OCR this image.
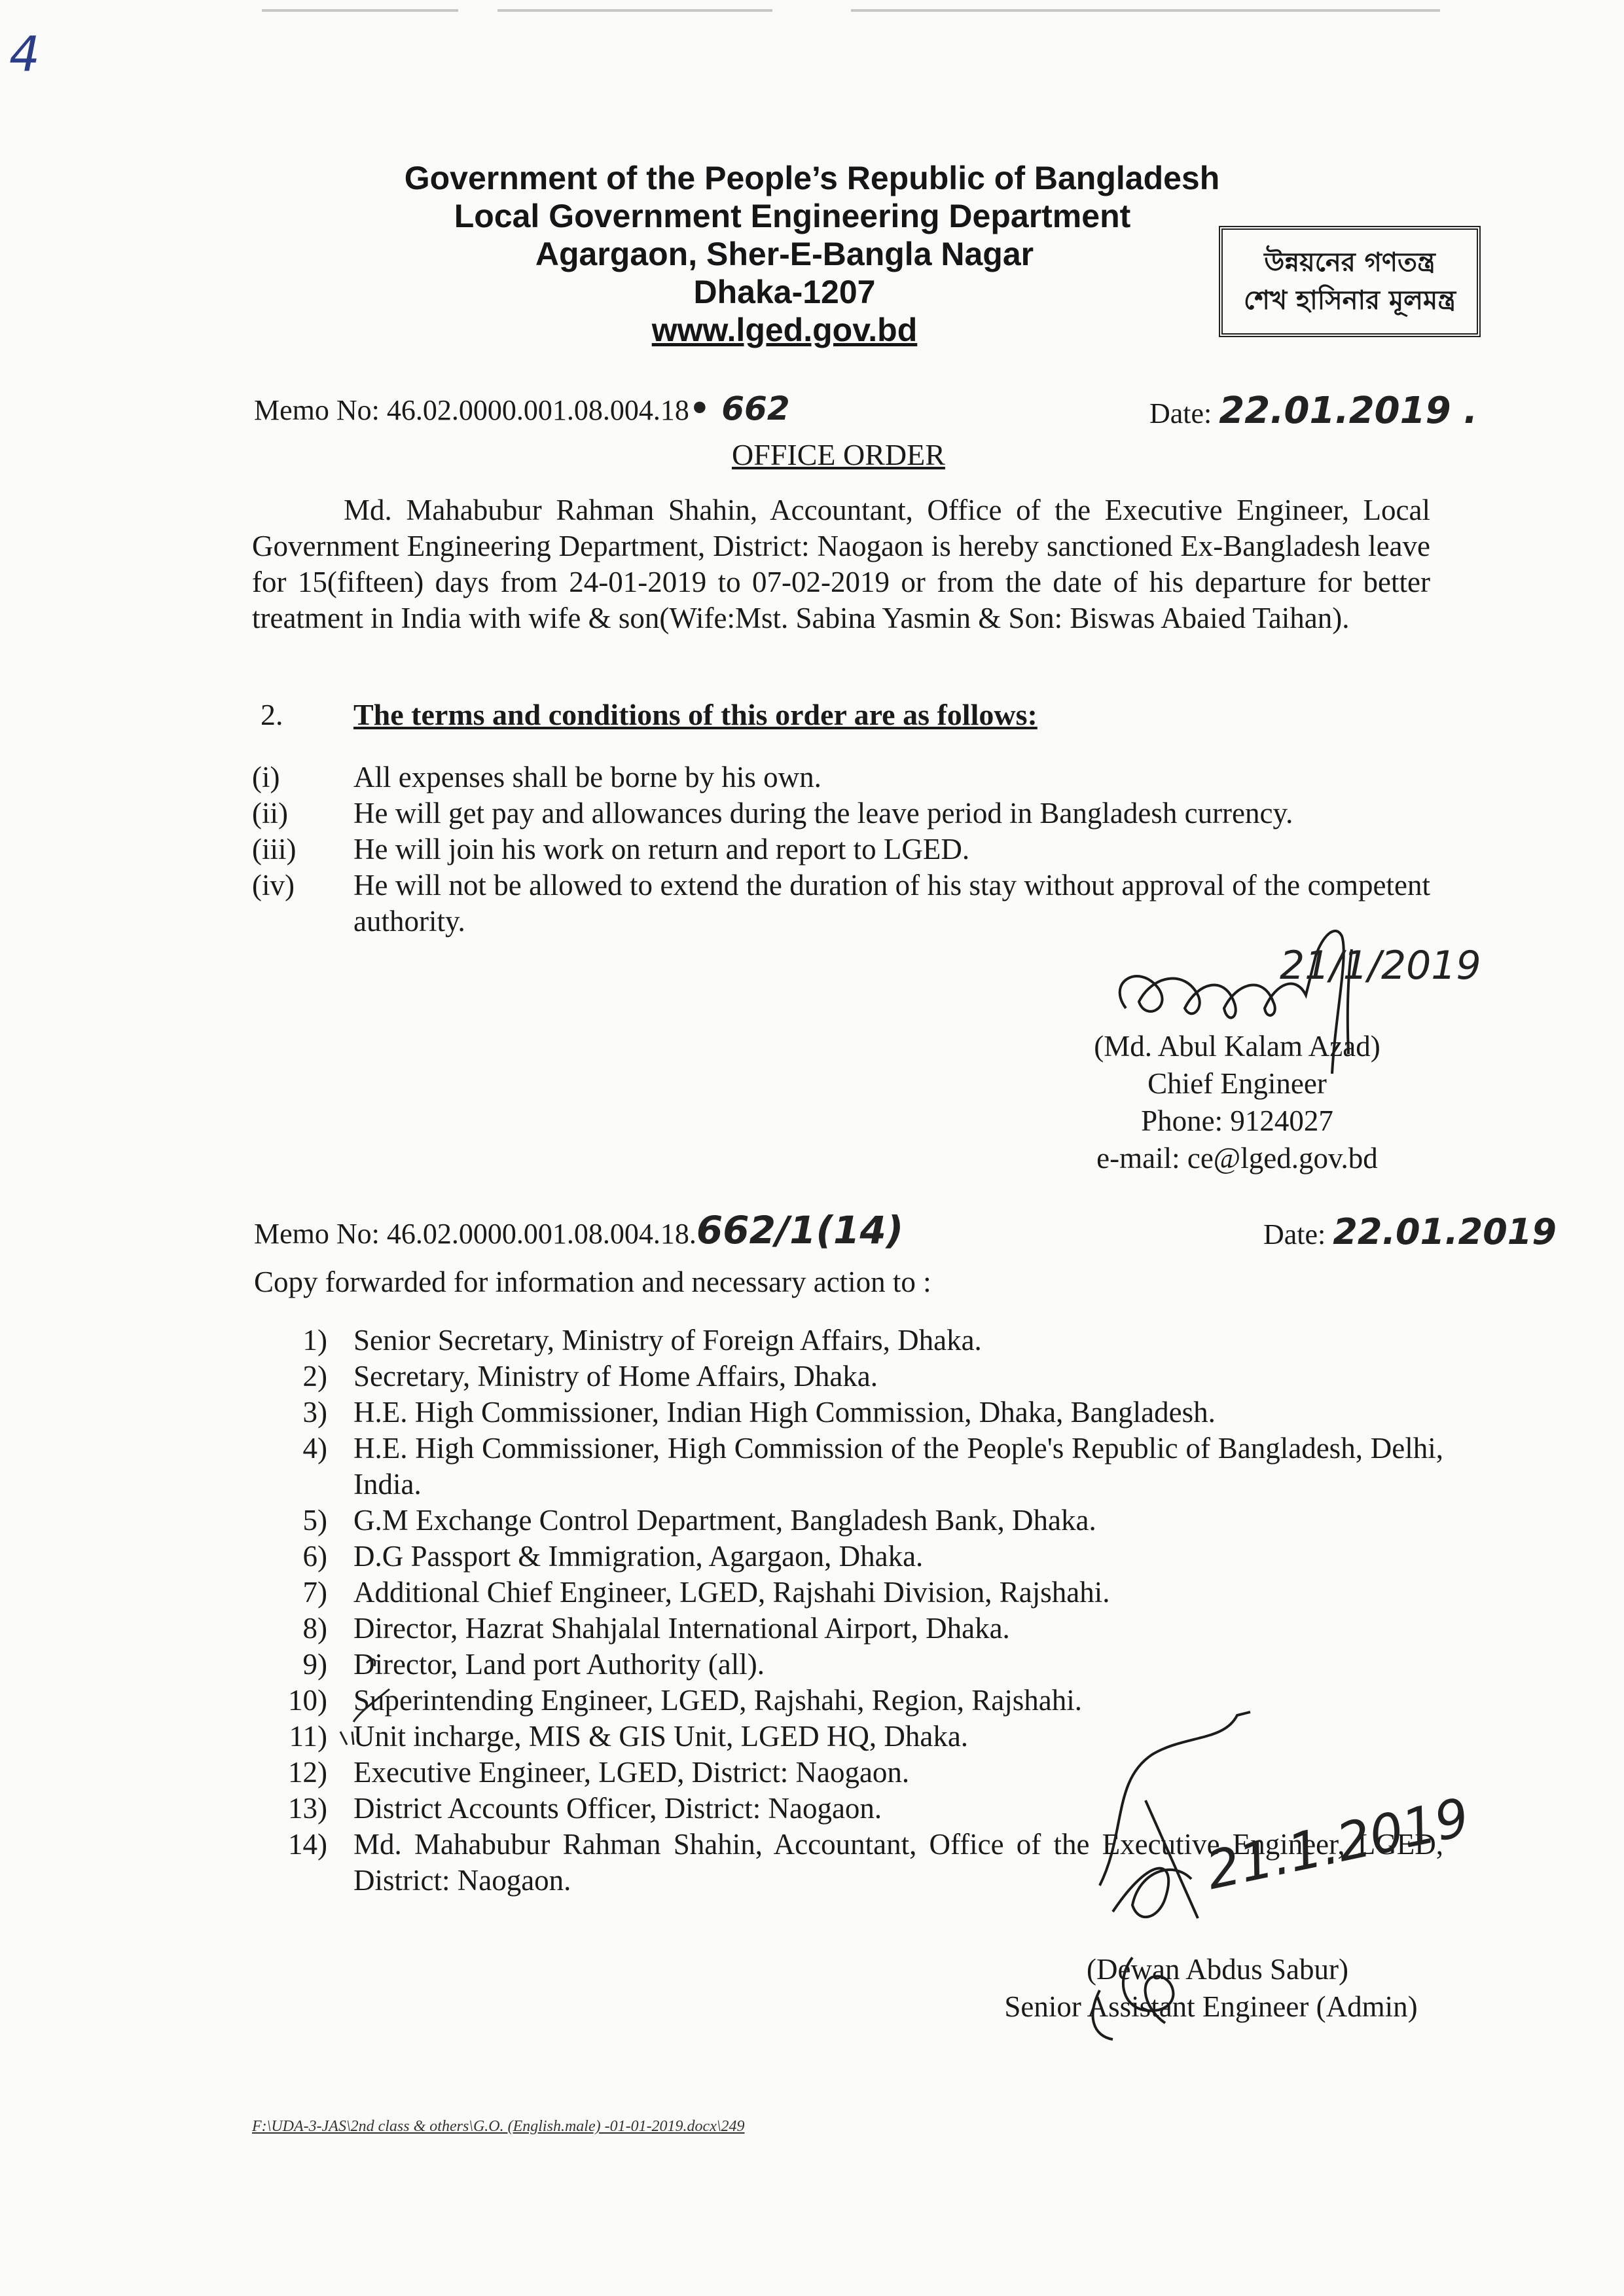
4
Government of the People’s Republic of Bangladesh
Local Government Engineering Department
Agargaon, Sher-E-Bangla Nagar
Dhaka-1207
www.lged.gov.bd
উন্নয়নের গণতন্ত্র
শেখ হাসিনার মূলমন্ত্র
Memo No: 46.02.0000.001.08.004.18• 662	Date: 22.01.2019 .
OFFICE ORDER
Md. Mahabubur Rahman Shahin, Accountant, Office of the Executive Engineer, Local Government Engineering Department, District: Naogaon is hereby sanctioned Ex-Bangladesh leave for 15(fifteen) days from 24-01-2019 to 07-02-2019 or from the date of his departure for better treatment in India with wife & son(Wife:Mst. Sabina Yasmin & Son: Biswas Abaied Taihan).
2. The terms and conditions of this order are as follows:
(i)	All expenses shall be borne by his own.
(ii) He will get pay and allowances during the leave period in Bangladesh currency.
(iii) He will join his work on return and report to LGED.
(iv) He will not be allowed to extend the duration of his stay without approval of the competent authority.
21/1/2019
(Md. Abul Kalam Azad)
Chief Engineer
Phone: 9124027
e-mail: ce@lged.gov.bd
Memo No: 46.02.0000.001.08.004.18.662/1(14)	Date: 22.01.2019
Copy forwarded for information and necessary action to :
1) Senior Secretary, Ministry of Foreign Affairs, Dhaka.
2) Secretary, Ministry of Home Affairs, Dhaka.
3) H.E. High Commissioner, Indian High Commission, Dhaka, Bangladesh.
4) H.E. High Commissioner, High Commission of the People's Republic of Bangladesh, Delhi, India.
5) G.M Exchange Control Department, Bangladesh Bank, Dhaka.
6) D.G Passport & Immigration, Agargaon, Dhaka.
7) Additional Chief Engineer, LGED, Rajshahi Division, Rajshahi.
8) Director, Hazrat Shahjalal International Airport, Dhaka.
9) Director, Land port Authority (all).
10) Superintending Engineer, LGED, Rajshahi, Region, Rajshahi.
11) Unit incharge, MIS & GIS Unit, LGED HQ, Dhaka.
12) Executive Engineer, LGED, District: Naogaon.
13) District Accounts Officer, District: Naogaon.
14) Md. Mahabubur Rahman Shahin, Accountant, Office of the Executive Engineer, LGED, District: Naogaon.	21.1.2019
(Dewan Abdus Sabur)
Senior Assistant Engineer (Admin)
F:\UDA-3-JAS\2nd class & others\G.O. (English.male) -01-01-2019.docx\249
